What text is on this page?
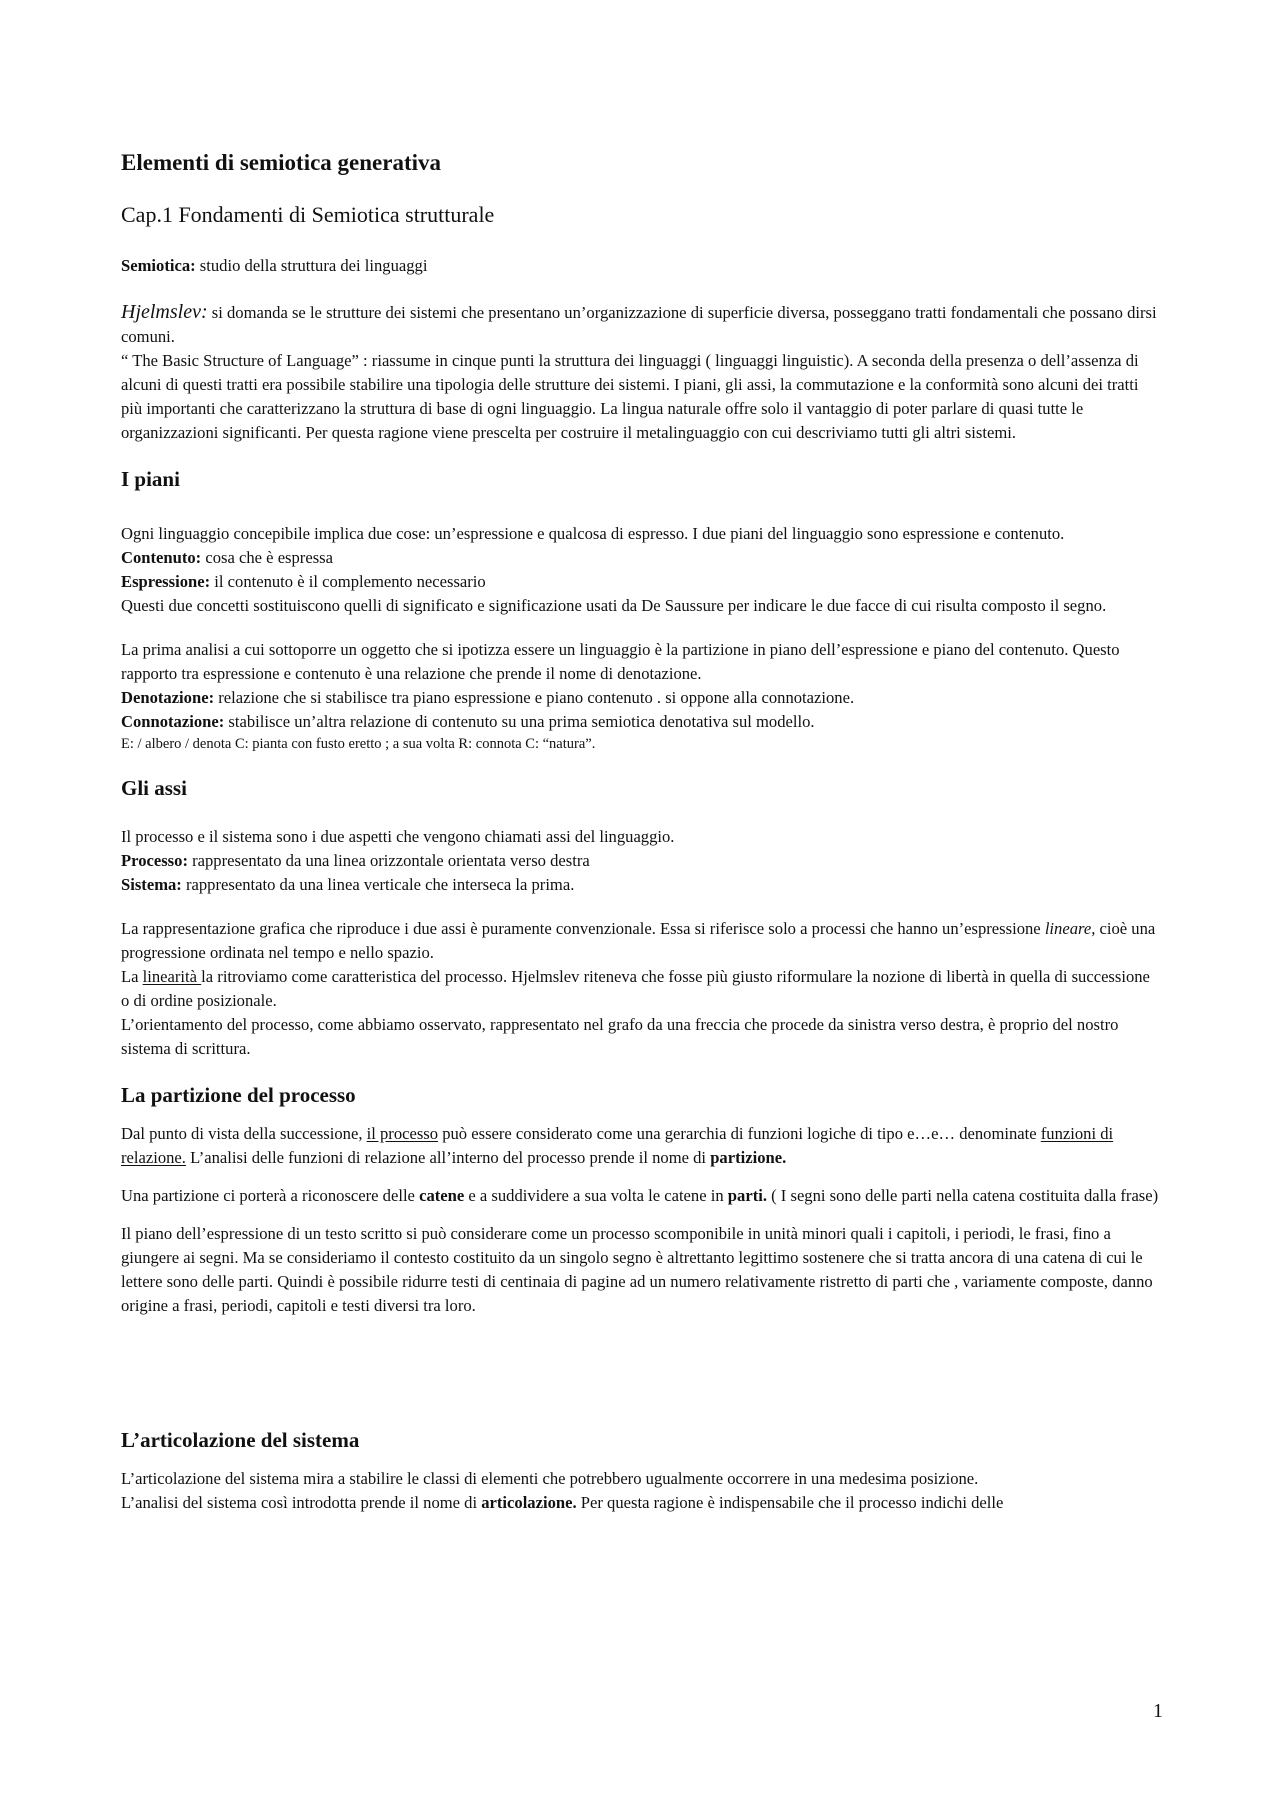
Elementi di semiotica generativa
Cap.1 Fondamenti di Semiotica strutturale

Semiotica: studio della struttura dei linguaggi

Hjelmslev: si domanda se le strutture dei sistemi che presentano un’organizzazione di superficie diversa, posseggano tratti fondamentali che possano dirsi comuni.

“ The Basic Structure of Language” : riassume in cinque punti la struttura dei linguaggi ( linguaggi linguistic). A seconda della presenza o dell’assenza di alcuni di questi tratti era possibile stabilire una tipologia delle strutture dei sistemi. I piani, gli assi, la commutazione e la conformità sono alcuni dei tratti più importanti che caratterizzano la struttura di base di ogni linguaggio. La lingua naturale offre solo il vantaggio di poter parlare di quasi tutte le organizzazioni significanti. Per questa ragione viene prescelta per costruire il metalinguaggio con cui descriviamo tutti gli altri sistemi.

I piani

Ogni linguaggio concepibile implica due cose: un’espressione e qualcosa di espresso. I due piani del linguaggio sono espressione e contenuto.

Contenuto: cosa che è espressa

Espressione: il contenuto è il complemento necessario

Questi due concetti sostituiscono quelli di significato e significazione usati da De Saussure per indicare le due facce di cui risulta composto il segno.

La prima analisi a cui sottoporre un oggetto che si ipotizza essere un linguaggio è la partizione in piano dell’espressione e piano del contenuto. Questo rapporto tra espressione e contenuto è una relazione che prende il nome di denotazione.

Denotazione: relazione che si stabilisce tra piano espressione e piano contenuto . si oppone alla connotazione.

Connotazione: stabilisce un’altra relazione di contenuto su una prima semiotica denotativa sul modello.

E: / albero / denota C: pianta con fusto eretto ; a sua volta R: connota C: “natura”.

Gli assi

Il processo e il sistema sono i due aspetti che vengono chiamati assi del linguaggio.

Processo: rappresentato da una linea orizzontale orientata verso destra

Sistema: rappresentato da una linea verticale che interseca la prima.

La rappresentazione grafica che riproduce i due assi è puramente convenzionale. Essa si riferisce solo a processi che hanno un’espressione lineare, cioè una progressione ordinata nel tempo e nello spazio.

La linearità la ritroviamo come caratteristica del processo. Hjelmslev riteneva che fosse più giusto riformulare la nozione di libertà in quella di successione o di ordine posizionale.

L’orientamento del processo, come abbiamo osservato, rappresentato nel grafo da una freccia che procede da sinistra verso destra, è proprio del nostro sistema di scrittura.

La partizione del processo

Dal punto di vista della successione, il processo può essere considerato come una gerarchia di funzioni logiche di tipo e…e… denominate funzioni di relazione. L’analisi delle funzioni di relazione all’interno del processo prende il nome di partizione.

Una partizione ci porterà a riconoscere delle catene e a suddividere a sua volta le catene in parti. ( I segni sono delle parti nella catena costituita dalla frase)

Il piano dell’espressione di un testo scritto si può considerare come un processo scomponibile in unità minori quali i capitoli, i periodi, le frasi, fino a giungere ai segni. Ma se consideriamo il contesto costituito da un singolo segno è altrettanto legittimo sostenere che si tratta ancora di una catena di cui le lettere sono delle parti. Quindi è possibile ridurre testi di centinaia di pagine ad un numero relativamente ristretto di parti che , variamente composte, danno origine a frasi, periodi, capitoli e testi diversi tra loro.

L’articolazione del sistema

L’articolazione del sistema mira a stabilire le classi di elementi che potrebbero ugualmente occorrere in una medesima posizione.

L’analisi del sistema così introdotta prende il nome di articolazione. Per questa ragione è indispensabile che il processo indichi delle

1
